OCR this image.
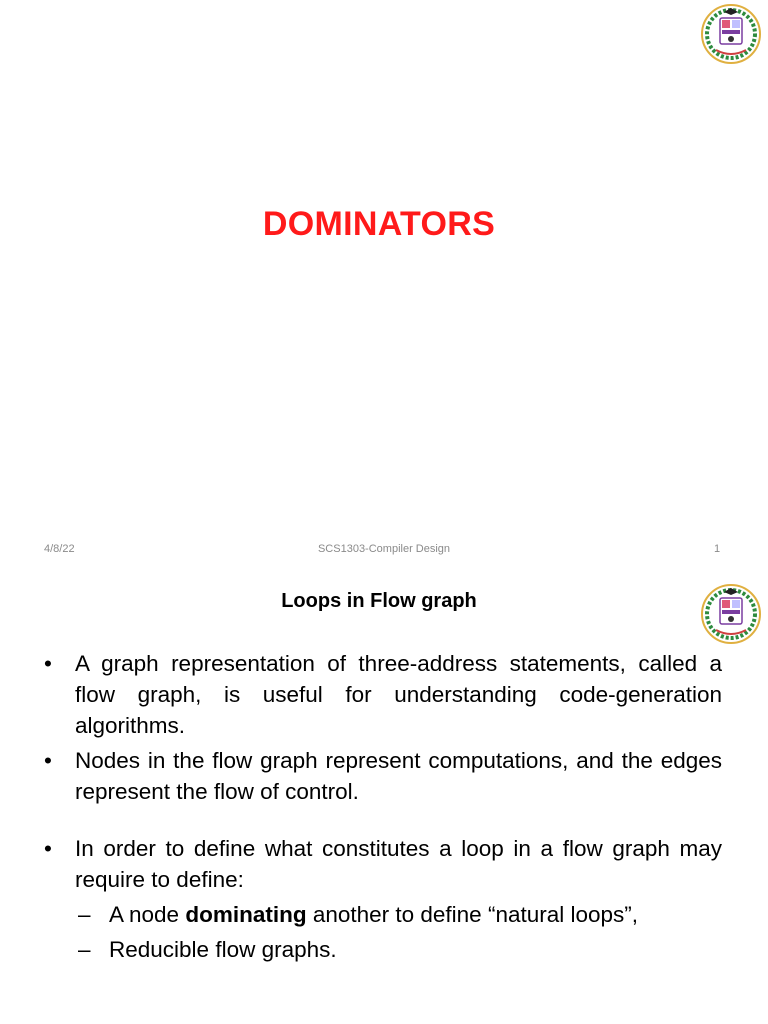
DOMINATORS
4/8/22	SCS1303-Compiler Design	1
Loops in Flow graph
• A graph representation of three-address statements, called a flow graph, is useful for understanding code-generation algorithms.
• Nodes in the flow graph represent computations, and the edges represent the flow of control.
• In order to define what constitutes a loop in a flow graph may require to define:
– A node dominating another to define “natural loops”,
– Reducible flow graphs.
